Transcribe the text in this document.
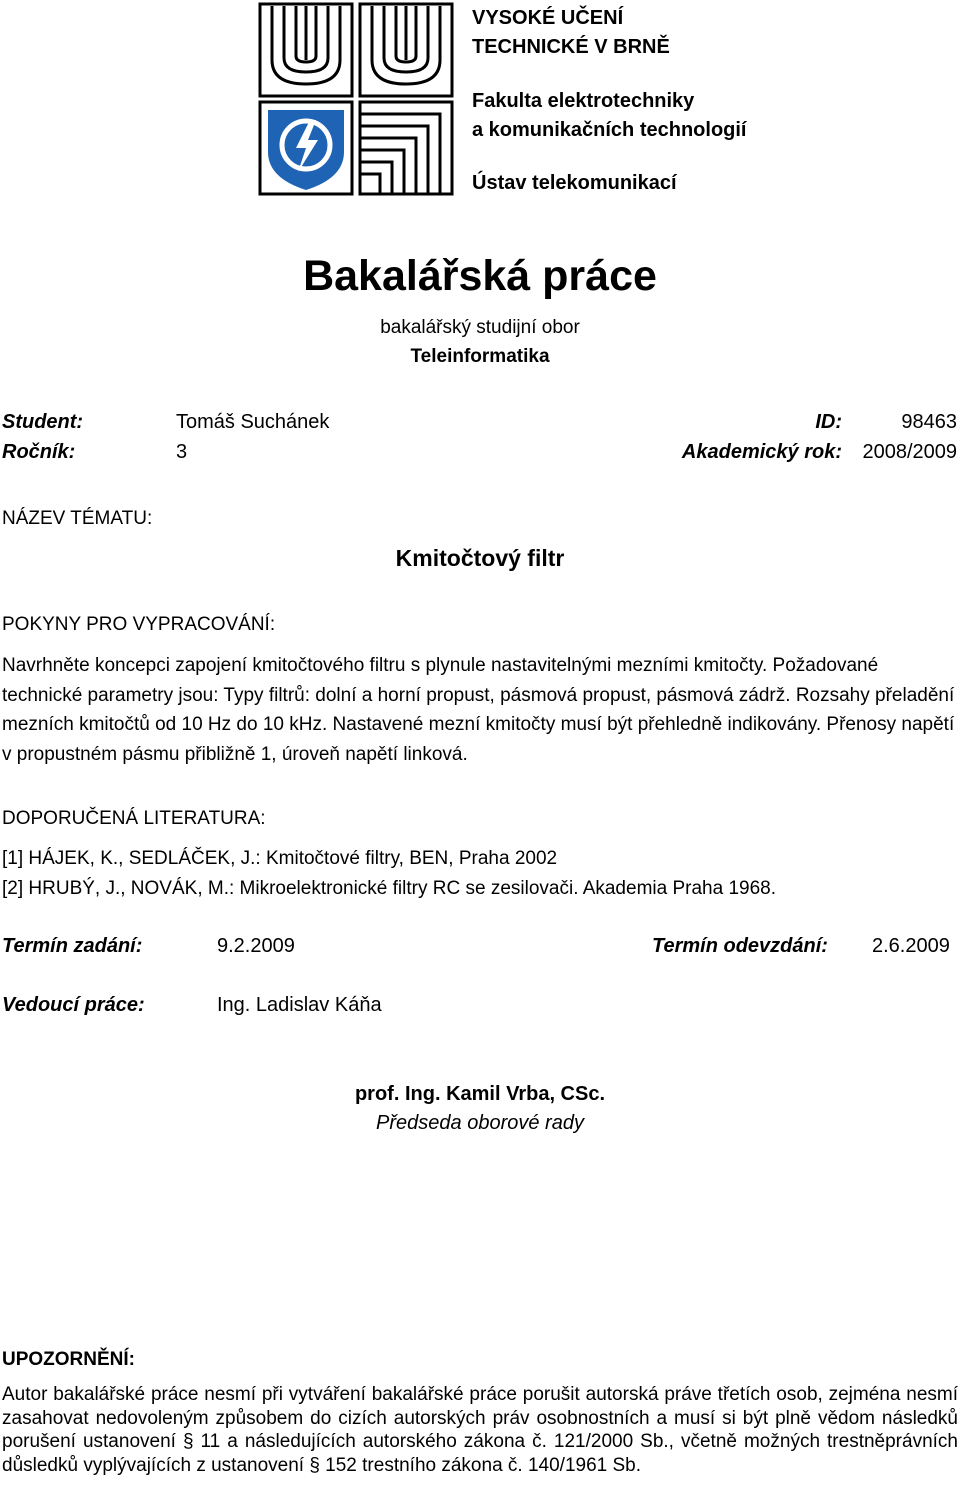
VYSOKÉ UČENÍ
TECHNICKÉ V BRNĚ
Fakulta elektrotechniky
a komunikačních technologií
Ústav telekomunikací
Bakalářská práce
bakalářský studijní obor
Teleinformatika
Student:	Tomáš Suchánek	ID:	98463
Ročník:	3	Akademický rok: 2008/2009
NÁZEV TÉMATU:
Kmitočtový filtr
POKYNY PRO VYPRACOVÁNÍ:
Navrhněte koncepci zapojení kmitočtového filtru s plynule nastavitelnými mezními kmitočty. Požadované technické parametry jsou: Typy filtrů: dolní a horní propust, pásmová propust, pásmová zádrž. Rozsahy přeladění mezních kmitočtů od 10 Hz do 10 kHz. Nastavené mezní kmitočty musí být přehledně indikovány. Přenosy napětí v propustném pásmu přibližně 1, úroveň napětí linková.
DOPORUČENÁ LITERATURA:
[1] HÁJEK, K., SEDLÁČEK, J.: Kmitočtové filtry, BEN, Praha 2002
[2] HRUBÝ, J., NOVÁK, M.: Mikroelektronické filtry RC se zesilovači. Akademia Praha 1968.
Termín zadání:	9.2.2009	Termín odevzdání: 2.6.2009
Vedoucí práce:	Ing. Ladislav Káňa
prof. Ing. Kamil Vrba, CSc.
Předseda oborové rady
UPOZORNĚNÍ:
Autor bakalářské práce nesmí při vytváření bakalářské práce porušit autorská práve třetích osob, zejména nesmí zasahovat nedovoleným způsobem do cizích autorských práv osobnostních a musí si být plně vědom následků porušení ustanovení § 11 a následujících autorského zákona č. 121/2000 Sb., včetně možných trestněprávních důsledků vyplývajících z ustanovení § 152 trestního zákona č. 140/1961 Sb.
